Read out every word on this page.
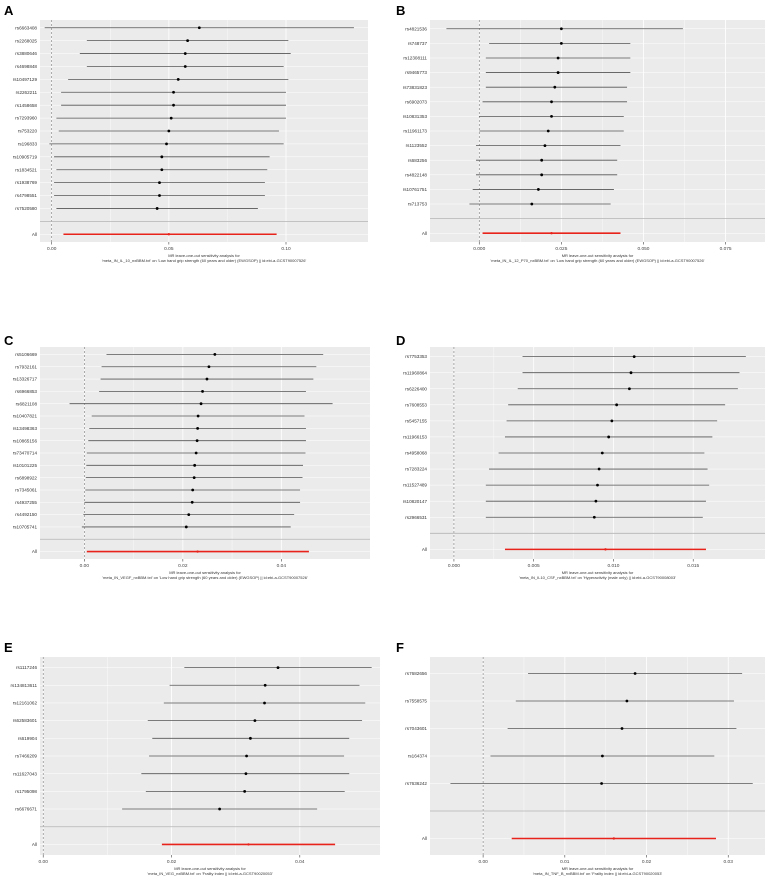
rs6663408
rs2268025
rs3880646
rs4698848
rs10497129
rs2262211
rs1458658
rs7293960
rs753220
rs196833
rs10905719
rs1834521
rs1938769
rs4798551
rs7520580
All
0.00	0.05	0.10
MR leave-one-out sensitivity analysis for 'meta_IN_IL_10_nxBBM.txt' on 'Low hand grip strength (60 years and older) (EWGSOP) || id:ebi-a-GCST90007526'
rs4821536
rs748737
rs12308111
rs9465773
rs73831823
rs6902073
rs10831353
rs11961173
rs1123552
rs683256
rs4822148
rs10761751
rs713753
All
0.000	0.025	0.050	0.075
MR leave-one-out sensitivity analysis for 'meta_IN_IL_12_P70_nxBBM.txt' on 'Low hand grip strength (60 years and older) (EWGSOP) || id:ebi-a-GCST90007526'
rs5106669
rs7932161
rs13326717
rs6966853
rs6821108
rs10407821
rs13498363
rs10865156
rs73470714
rs10101225
rs6898922
rs7345061
rs4937255
rs4492150
rs10705741
All
0.00	0.02	0.04
MR leave-one-out sensitivity analysis for 'meta_IN_VEGF_nxBBM.txt' on 'Low hand grip strength (60 years and older) (EWGSOP) || id:ebi-a-GCST90007526'
rs7753353
rs11960864
rs6226400
rs7608553
rs5457155
rs11966153
rs4958068
rs7283224
rs11527489
rs10820147
rs2966531
All
0.000	0.005	0.010	0.015
MR leave-one-out sensitivity analysis for 'meta_IN_IL10_CSF_nxBBM.txt' on 'Hyperactivity (male only) || id:ebi-a-GCST90008003'
rs1117246
rs134813611
rs12161062
rs62583601
rs619904
rs7466209
rs11627043
rs1795098
rs6676671
All
0.00	0.02	0.04
MR leave-one-out sensitivity analysis for 'meta_IN_VEG_nxBBM.txt' on 'Frailty index || id:ebi-a-GCST90020053'
rs7682656
rs7558575
rs7043601
rs164374
rs7636242
All
0.00	0.01	0.02	0.03
MR leave-one-out sensitivity analysis for 'meta_IN_TNF_B_nxBBM.txt' on 'Frailty index || id:ebi-a-GCST90020053'
A	B
C	D
E	F
